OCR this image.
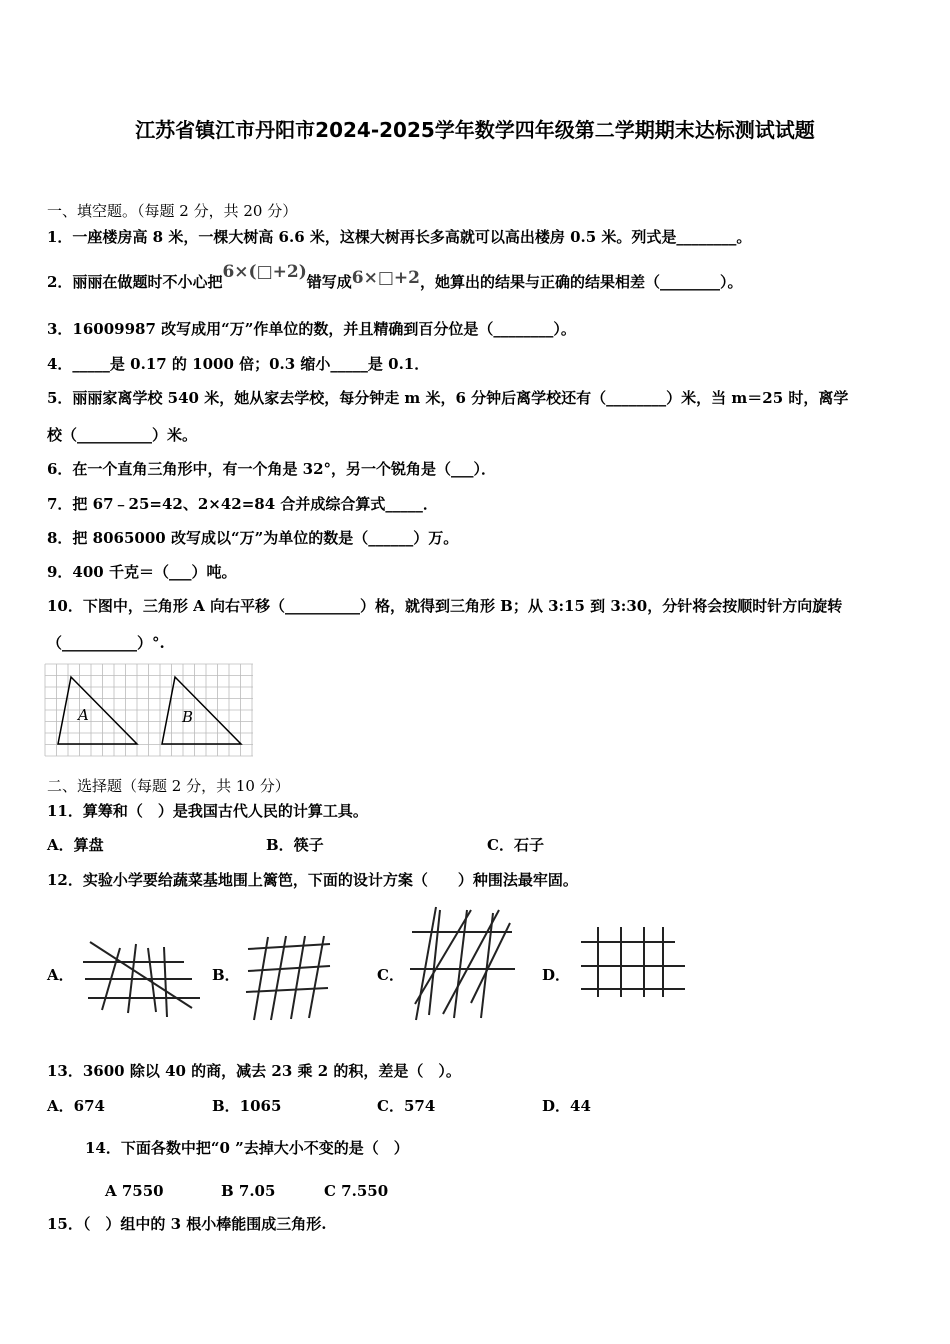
江苏省镇江市丹阳市2024-2025学年数学四年级第二学期期末达标测试试题
一、填空题。（每题 2 分，共 20 分）
1．一座楼房高 8 米，一棵大树高 6.6 米，这棵大树再长多高就可以高出楼房 0.5 米。列式是________。
2．丽丽在做题时不小心把6×(□+2)错写成6×□+2，她算出的结果与正确的结果相差（________）。
3．16009987 改写成用“万”作单位的数，并且精确到百分位是（________）。
4．_____是 0.17 的 1000 倍；0.3 缩小_____是 0.1．
5．丽丽家离学校 540 米，她从家去学校，每分钟走 m 米，6 分钟后离学校还有（________）米，当 m＝25 时，离学
校（__________）米。
6．在一个直角三角形中，有一个角是 32°，另一个锐角是（___）．
7．把 67﹣25=42、2×42=84 合并成综合算式_____．
8．把 8065000 改写成以“万”为单位的数是（______）万。
9．400 千克＝（___）吨。
10．下图中，三角形 A 向右平移（__________）格，就得到三角形 B；从 3:15 到 3:30，分针将会按顺时针方向旋转
（__________）°.
A	B
二、选择题（每题 2 分，共 10 分）
11．算筹和（　）是我国古代人民的计算工具。
A．算盘	B．筷子	C．石子
12．实验小学要给蔬菜基地围上篱笆，下面的设计方案（　　）种围法最牢固。
A．	B．	C．	D．
13．3600 除以 40 的商，减去 23 乘 2 的积，差是（　）。
A．674	B．1065	C．574	D．44
14．下面各数中把“0 ”去掉大小不变的是（　）
A 7550	B 7.05	C 7.550
15．（　）组中的 3 根小棒能围成三角形.
